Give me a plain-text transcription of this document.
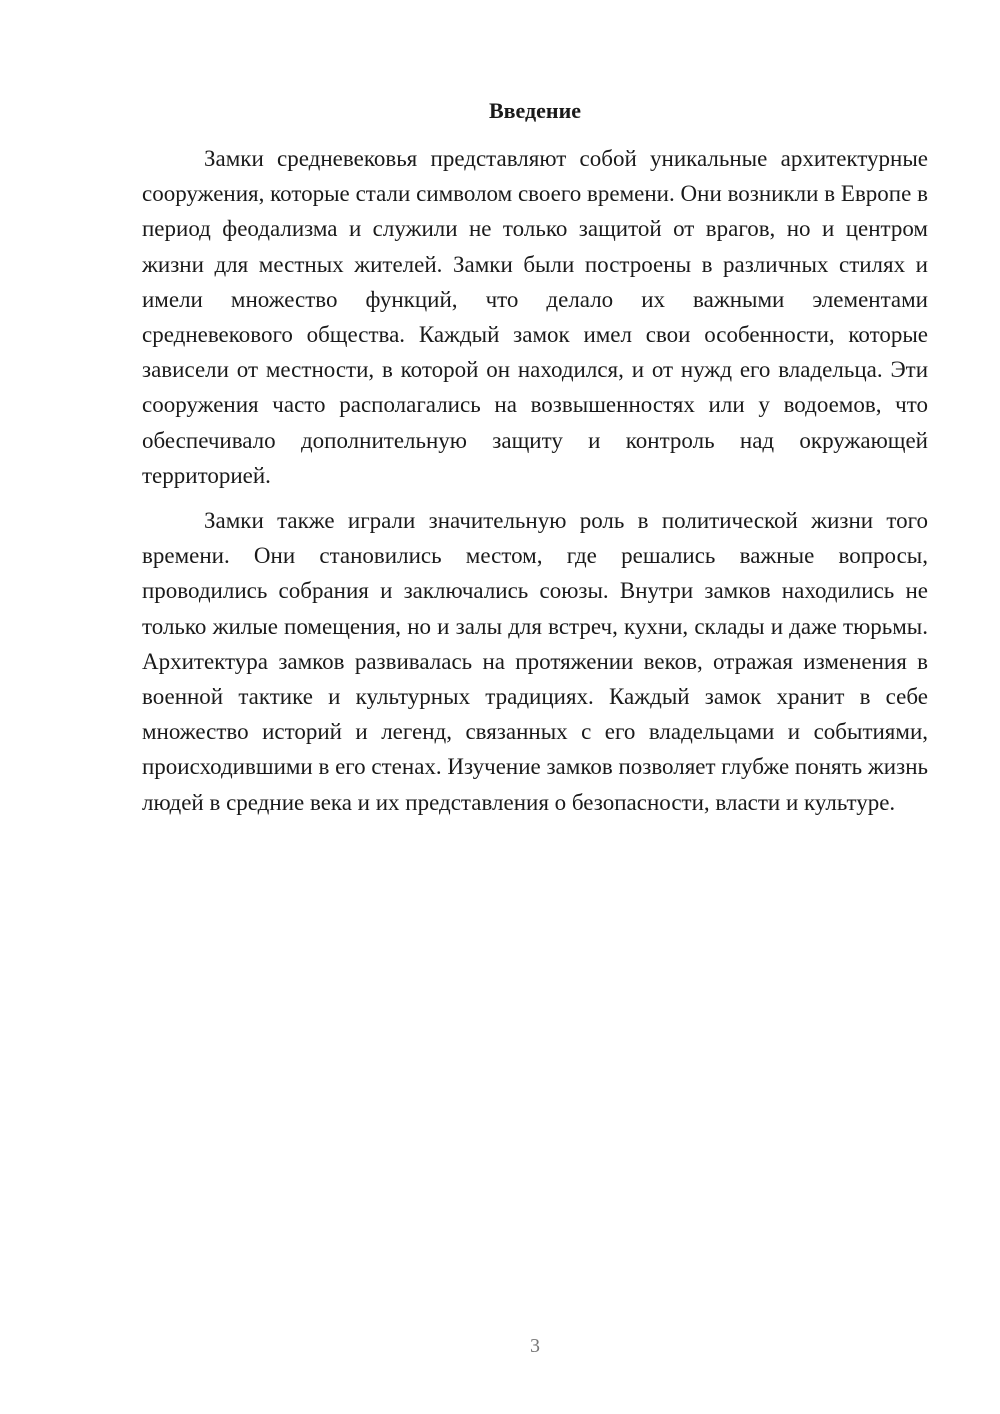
Введение

Замки средневековья представляют собой уникальные архитектурные сооружения, которые стали символом своего времени. Они возникли в Европе в период феодализма и служили не только защитой от врагов, но и центром жизни для местных жителей. Замки были построены в различных стилях и имели множество функций, что делало их важными элементами средневекового общества. Каждый замок имел свои особенности, которые зависели от местности, в которой он находился, и от нужд его владельца. Эти сооружения часто располагались на возвышенностях или у водоемов, что обеспечивало дополнительную защиту и контроль над окружающей территорией.

Замки также играли значительную роль в политической жизни того времени. Они становились местом, где решались важные вопросы, проводились собрания и заключались союзы. Внутри замков находились не только жилые помещения, но и залы для встреч, кухни, склады и даже тюрьмы. Архитектура замков развивалась на протяжении веков, отражая изменения в военной тактике и культурных традициях. Каждый замок хранит в себе множество историй и легенд, связанных с его владельцами и событиями, происходившими в его стенах. Изучение замков позволяет глубже понять жизнь людей в средние века и их представления о безопасности, власти и культуре.

3
